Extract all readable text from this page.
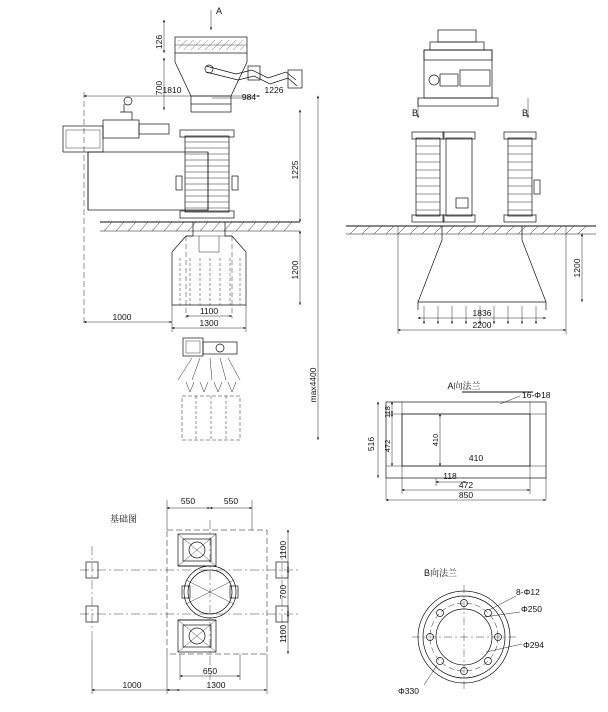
A
B	B
126
700
1810
984
1226
1225
1200
1000
1100
1300
max4400
1836
2200
1200
A向法兰
16-Φ18
118
472
516	410
410
118
472
850
B向法兰
8-Φ12
Φ250
Φ294
Φ330
基础图
550	550
1100
700
1100
1000
650
1300
